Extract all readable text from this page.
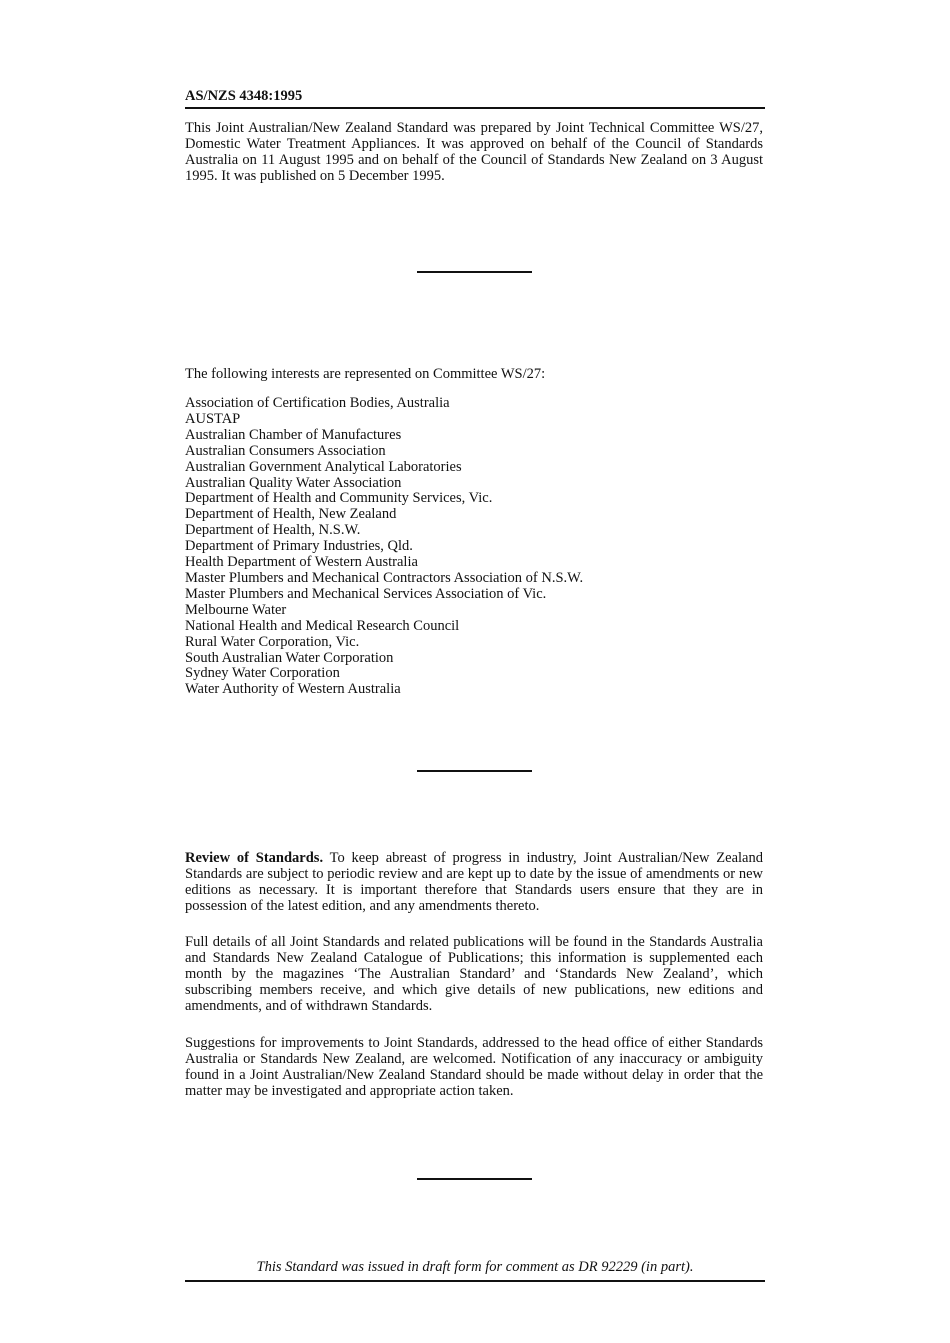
AS/NZS 4348:1995

This Joint Australian/New Zealand Standard was prepared by Joint Technical Committee WS/27, Domestic Water Treatment Appliances. It was approved on behalf of the Council of Standards Australia on 11 August 1995 and on behalf of the Council of Standards New Zealand on 3 August 1995. It was published on 5 December 1995.

The following interests are represented on Committee WS/27:
Association of Certification Bodies, Australia
AUSTAP
Australian Chamber of Manufactures
Australian Consumers Association
Australian Government Analytical Laboratories
Australian Quality Water Association
Department of Health and Community Services, Vic.
Department of Health, New Zealand
Department of Health, N.S.W.
Department of Primary Industries, Qld.
Health Department of Western Australia
Master Plumbers and Mechanical Contractors Association of N.S.W.
Master Plumbers and Mechanical Services Association of Vic.
Melbourne Water
National Health and Medical Research Council
Rural Water Corporation, Vic.
South Australian Water Corporation
Sydney Water Corporation
Water Authority of Western Australia

Review of Standards. To keep abreast of progress in industry, Joint Australian/New Zealand Standards are subject to periodic review and are kept up to date by the issue of amendments or new editions as necessary. It is important therefore that Standards users ensure that they are in possession of the latest edition, and any amendments thereto.

Full details of all Joint Standards and related publications will be found in the Standards Australia and Standards New Zealand Catalogue of Publications; this information is supplemented each month by the magazines ‘The Australian Standard’ and ‘Standards New Zealand’, which subscribing members receive, and which give details of new publications, new editions and amendments, and of withdrawn Standards.

Suggestions for improvements to Joint Standards, addressed to the head office of either Standards Australia or Standards New Zealand, are welcomed. Notification of any inaccuracy or ambiguity found in a Joint Australian/New Zealand Standard should be made without delay in order that the matter may be investigated and appropriate action taken.

This Standard was issued in draft form for comment as DR 92229 (in part).
